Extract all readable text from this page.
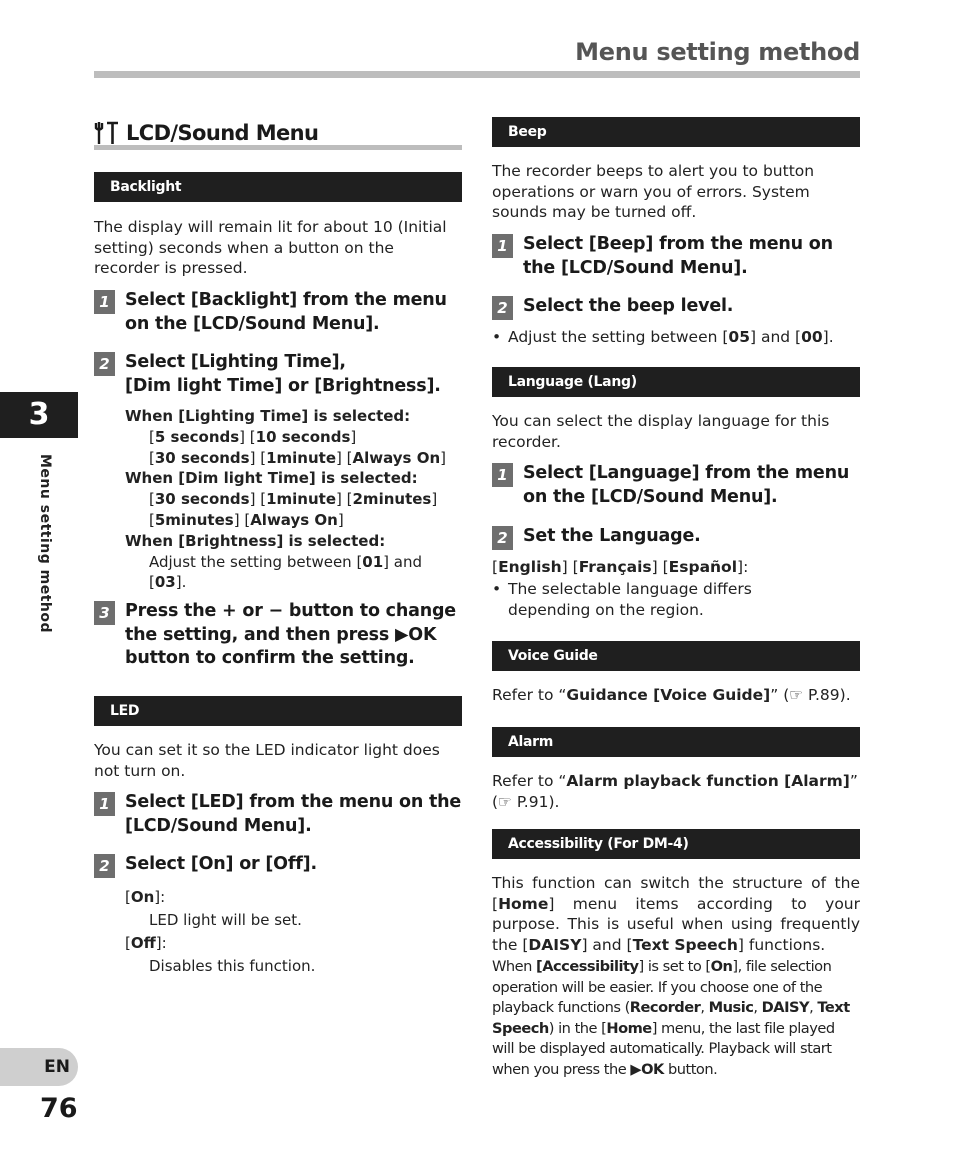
Menu setting method
3
Menu setting method
EN
76
LCD/Sound Menu
Backlight
The display will remain lit for about 10 (Initial setting) seconds when a button on the recorder is pressed.
1 Select [Backlight] from the menu on the [LCD/Sound Menu].
2 Select [Lighting Time],
[Dim light Time] or [Brightness].
When [Lighting Time] is selected:
[5 seconds] [10 seconds]
[30 seconds] [1minute] [Always On]
When [Dim light Time] is selected:
[30 seconds] [1minute] [2minutes]
[5minutes] [Always On]
When [Brightness] is selected:
Adjust the setting between [01] and
[03].
3 Press the + or − button to change
the setting, and then press ▶OK
button to confirm the setting.
LED
You can set it so the LED indicator light does not turn on.
1 Select [LED] from the menu on the
[LCD/Sound Menu].
2 Select [On] or [Off].
[On]:
LED light will be set.
[Off]:
Disables this function.
Beep
The recorder beeps to alert you to button operations or warn you of errors. System sounds may be turned off.
1 Select [Beep] from the menu on
the [LCD/Sound Menu].
2 Select the beep level.
• Adjust the setting between [05] and [00].
Language (Lang)
You can select the display language for this recorder.
1 Select [Language] from the menu
on the [LCD/Sound Menu].
2 Set the Language.
[English] [Français] [Español]:
• The selectable language differs depending on the region.
Voice Guide
Refer to “Guidance [Voice Guide]” (☞ P.89).
Alarm
Refer to “Alarm playback function [Alarm]”
(☞ P.91).
Accessibility (For DM-4)
This function can switch the structure of the [Home] menu items according to your purpose. This is useful when using frequently the [DAISY] and [Text Speech] functions.
When [Accessibility] is set to [On], file selection operation will be easier. If you choose one of the playback functions (Recorder, Music, DAISY, Text Speech) in the [Home] menu, the last file played will be displayed automatically. Playback will start when you press the ▶OK button.
